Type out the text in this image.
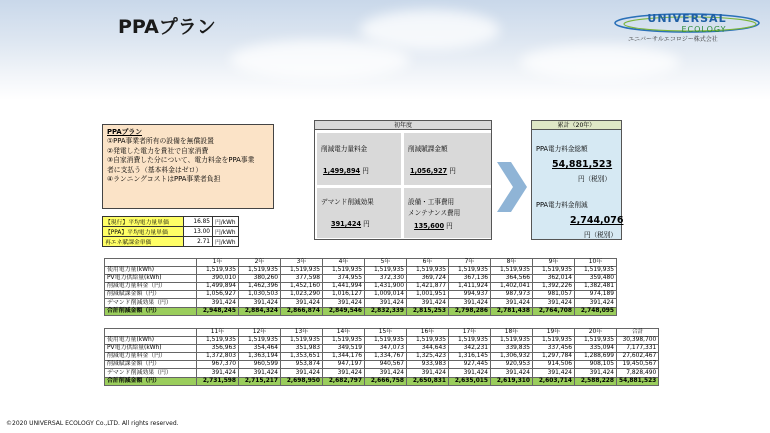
PPAプラン	UNIVERSAL
ECOLOGY
ユニバーサルエコロジー株式会社
PPAプラン
①PPA事業者所有の設備を無償設置
②発電した電力を貴社で自家消費
③自家消費した分について、電力料金をPPA事業
者に支払う（基本料金はゼロ）
④ランニングコストはPPA事業者負担
【現行】平均電力量単価	16.85	円/kWh
【PPA】平均電力量単価	13.00	円/kWh
再エネ賦課金単価	2.71	円/kWh
初年度
削減電力量料金
1,499,894 円
削減賦課金額
1,056,927 円
デマンド削減効果
391,424 円
設備・工事費用
メンテナンス費用
135,600 円
累計（20年）
PPA電力料金総額
54,881,523
円（税別）
PPA電力料金削減
2,744,076
円（税別）
	1年	2年	3年	4年	5年	6年	7年	8年	9年	10年
使用電力量(kWh)	1,519,935	1,519,935	1,519,935	1,519,935	1,519,935	1,519,935	1,519,935	1,519,935	1,519,935	1,519,935
PV電力供給量(kWh)	390,010	380,260	377,598	374,955	372,330	369,724	367,136	364,566	362,014	359,480
削減電力量料金（円）	1,499,894	1,462,396	1,452,160	1,441,994	1,431,900	1,421,877	1,411,924	1,402,041	1,392,226	1,382,481
削減賦課金額（円）	1,056,927	1,030,503	1,023,290	1,016,127	1,009,014	1,001,951	994,937	987,973	981,057	974,189
デマンド削減効果（円）	391,424	391,424	391,424	391,424	391,424	391,424	391,424	391,424	391,424	391,424
合計削減金額（円）	2,948,245	2,884,324	2,866,874	2,849,546	2,832,339	2,815,253	2,798,286	2,781,438	2,764,708	2,748,095
	11年	12年	13年	14年	15年	16年	17年	18年	19年	20年	合計
使用電力量(kWh)	1,519,935	1,519,935	1,519,935	1,519,935	1,519,935	1,519,935	1,519,935	1,519,935	1,519,935	1,519,935	30,398,700
PV電力供給量(kWh)	356,963	354,464	351,983	349,519	347,073	344,643	342,231	339,835	337,456	335,094	7,177,331
削減電力量料金（円）	1,372,803	1,363,194	1,353,651	1,344,176	1,334,767	1,325,423	1,316,145	1,306,932	1,297,784	1,288,699	27,602,467
削減賦課金額（円）	967,370	960,599	953,874	947,197	940,567	933,983	927,445	920,953	914,506	908,105	19,450,567
デマンド削減効果（円）	391,424	391,424	391,424	391,424	391,424	391,424	391,424	391,424	391,424	391,424	7,828,490
合計削減金額（円）	2,731,598	2,715,217	2,698,950	2,682,797	2,666,758	2,650,831	2,635,015	2,619,310	2,603,714	2,588,228	54,881,523
©2020 UNIVERSAL ECOLOGY Co.,LTD. All rights reserved.
